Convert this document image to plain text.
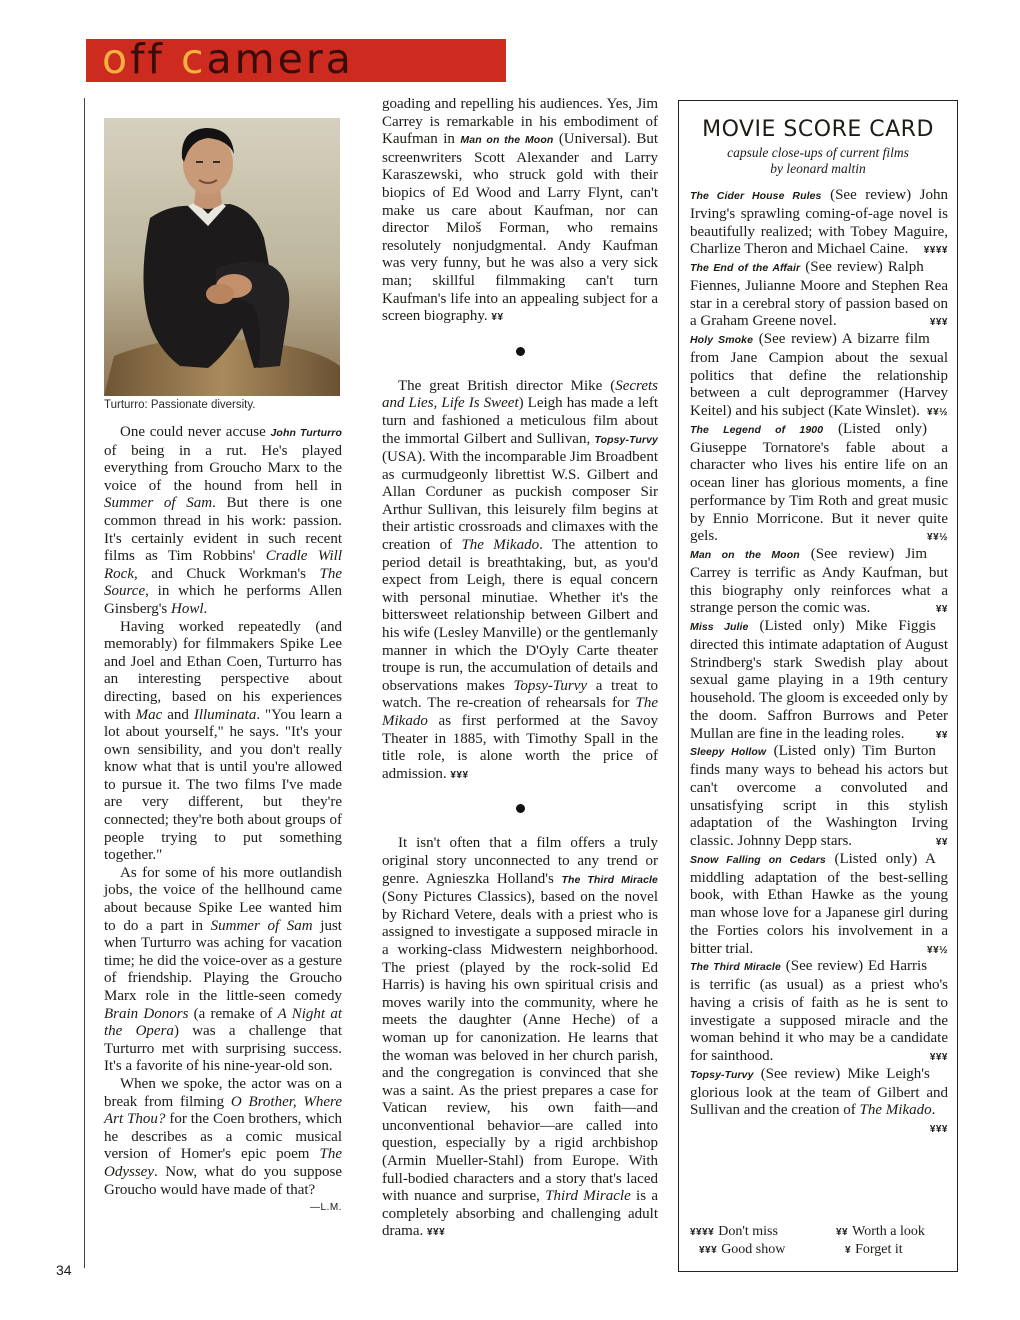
off camera
Turturro: Passionate diversity.

One could never accuse John Turturro of being in a rut. He's played everything from Groucho Marx to the voice of the hound from hell in Summer of Sam. But there is one common thread in his work: passion. It's certainly evident in such recent films as Tim Robbins' Cradle Will Rock, and Chuck Workman's The Source, in which he performs Allen Ginsberg's Howl.

Having worked repeatedly (and memorably) for filmmakers Spike Lee and Joel and Ethan Coen, Turturro has an interesting perspective about directing, based on his experiences with Mac and Illuminata. "You learn a lot about yourself," he says. "It's your own sensibility, and you don't really know what that is until you're allowed to pursue it. The two films I've made are very different, but they're connected; they're both about groups of people trying to put something together."

As for some of his more outlandish jobs, the voice of the hellhound came about because Spike Lee wanted him to do a part in Summer of Sam just when Turturro was aching for vacation time; he did the voice-over as a gesture of friendship. Playing the Groucho Marx role in the little-seen comedy Brain Donors (a remake of A Night at the Opera) was a challenge that Turturro met with surprising success. It's a favorite of his nine-year-old son.

When we spoke, the actor was on a break from filming O Brother, Where Art Thou? for the Coen brothers, which he describes as a comic musical version of Homer's epic poem The Odyssey. Now, what do you suppose Groucho would have made of that?
—L.M.

goading and repelling his audiences. Yes, Jim Carrey is remarkable in his embodiment of Kaufman in Man on the Moon (Universal). But screenwriters Scott Alexander and Larry Karaszewski, who struck gold with their biopics of Ed Wood and Larry Flynt, can't make us care about Kaufman, nor can director Miloš Forman, who remains resolutely nonjudgmental. Andy Kaufman was very funny, but he was also a very sick man; skillful filmmaking can't turn Kaufman's life into an appealing subject for a screen biography. ¥¥

The great British director Mike (Secrets and Lies, Life Is Sweet) Leigh has made a left turn and fashioned a meticulous film about the immortal Gilbert and Sullivan, Topsy-Turvy (USA). With the incomparable Jim Broadbent as curmudgeonly librettist W.S. Gilbert and Allan Corduner as puckish composer Sir Arthur Sullivan, this leisurely film begins at their artistic crossroads and climaxes with the creation of The Mikado. The attention to period detail is breathtaking, but, as you'd expect from Leigh, there is equal concern with personal minutiae. Whether it's the bittersweet relationship between Gilbert and his wife (Lesley Manville) or the gentlemanly manner in which the D'Oyly Carte theater troupe is run, the accumulation of details and observations makes Topsy-Turvy a treat to watch. The re-creation of rehearsals for The Mikado as first performed at the Savoy Theater in 1885, with Timothy Spall in the title role, is alone worth the price of admission. ¥¥¥

It isn't often that a film offers a truly original story unconnected to any trend or genre. Agnieszka Holland's The Third Miracle (Sony Pictures Classics), based on the novel by Richard Vetere, deals with a priest who is assigned to investigate a supposed miracle in a working-class Midwestern neighborhood. The priest (played by the rock-solid Ed Harris) is having his own spiritual crisis and moves warily into the community, where he meets the daughter (Anne Heche) of a woman up for canonization. He learns that the woman was beloved in her church parish, and the congregation is convinced that she was a saint. As the priest prepares a case for Vatican review, his own faith—and unconventional behavior—are called into question, especially by a rigid archbishop (Armin Mueller-Stahl) from Europe. With full-bodied characters and a story that's laced with nuance and surprise, Third Miracle is a completely absorbing and challenging adult drama. ¥¥¥

MOVIE SCORE CARD
capsule close-ups of current films
by leonard maltin

The Cider House Rules (See review) John Irving's sprawling coming-of-age novel is beautifully realized; with Tobey Maguire, Charlize Theron and Michael Caine. ¥¥¥¥

The End of the Affair (See review) Ralph Fiennes, Julianne Moore and Stephen Rea star in a cerebral story of passion based on a Graham Greene novel.	¥¥¥

Holy Smoke (See review) A bizarre film from Jane Campion about the sexual politics that define the relationship between a cult deprogrammer (Harvey Keitel) and his subject (Kate Winslet). ¥¥½

The Legend of 1900 (Listed only) Giuseppe Tornatore's fable about a character who lives his entire life on an ocean liner has glorious moments, a fine performance by Tim Roth and great music by Ennio Morricone. But it never quite gels.	¥¥½

Man on the Moon (See review) Jim Carrey is terrific as Andy Kaufman, but this biography only reinforces what a strange person the comic was.	¥¥

Miss Julie (Listed only) Mike Figgis directed this intimate adaptation of August Strindberg's stark Swedish play about sexual game playing in a 19th century household. The gloom is exceeded only by the doom. Saffron Burrows and Peter Mullan are fine in the leading roles.	¥¥

Sleepy Hollow (Listed only) Tim Burton finds many ways to behead his actors but can't overcome a convoluted and unsatisfying script in this stylish adaptation of the Washington Irving classic. Johnny Depp stars.	¥¥

Snow Falling on Cedars (Listed only) A middling adaptation of the best-selling book, with Ethan Hawke as the young man whose love for a Japanese girl during the Forties colors his involvement in a bitter trial.	¥¥½

The Third Miracle (See review) Ed Harris is terrific (as usual) as a priest who's having a crisis of faith as he is sent to investigate a supposed miracle and the woman behind it who may be a candidate for sainthood.	¥¥¥

Topsy-Turvy (See review) Mike Leigh's glorious look at the team of Gilbert and Sullivan and the creation of The Mikado.
¥¥¥

¥¥¥¥ Don't miss	¥¥ Worth a look
¥¥¥ Good show	¥ Forget it
34
